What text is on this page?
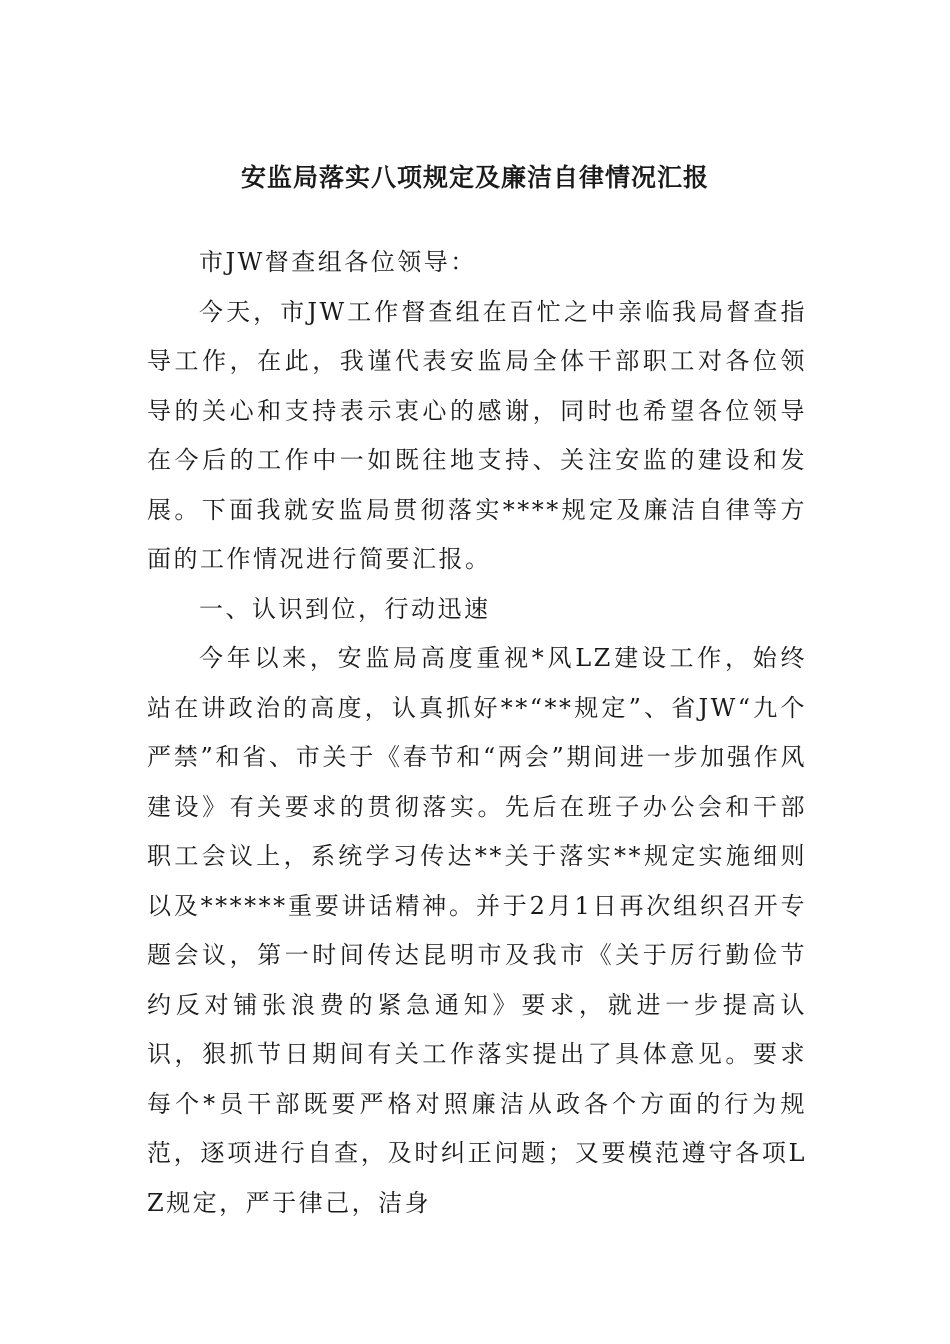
安监局落实八项规定及廉洁自律情况汇报

市JW督查组各位领导：

今天，市JW工作督查组在百忙之中亲临我局督查指导工作，在此，我谨代表安监局全体干部职工对各位领导的关心和支持表示衷心的感谢，同时也希望各位领导在今后的工作中一如既往地支持、关注安监的建设和发展。下面我就安监局贯彻落实****规定及廉洁自律等方面的工作情况进行简要汇报。

一、认识到位，行动迅速

今年以来，安监局高度重视*风LZ建设工作，始终站在讲政治的高度，认真抓好**“**规定”、省JW“九个严禁”和省、市关于《春节和“两会”期间进一步加强作风建设》有关要求的贯彻落实。先后在班子办公会和干部职工会议上，系统学习传达**关于落实**规定实施细则以及******重要讲话精神。并于2月1日再次组织召开专题会议，第一时间传达昆明市及我市《关于厉行勤俭节约反对铺张浪费的紧急通知》要求，就进一步提高认识，狠抓节日期间有关工作落实提出了具体意见。要求每个*员干部既要严格对照廉洁从政各个方面的行为规范，逐项进行自查，及时纠正问题；又要模范遵守各项LZ规定，严于律己，洁身
